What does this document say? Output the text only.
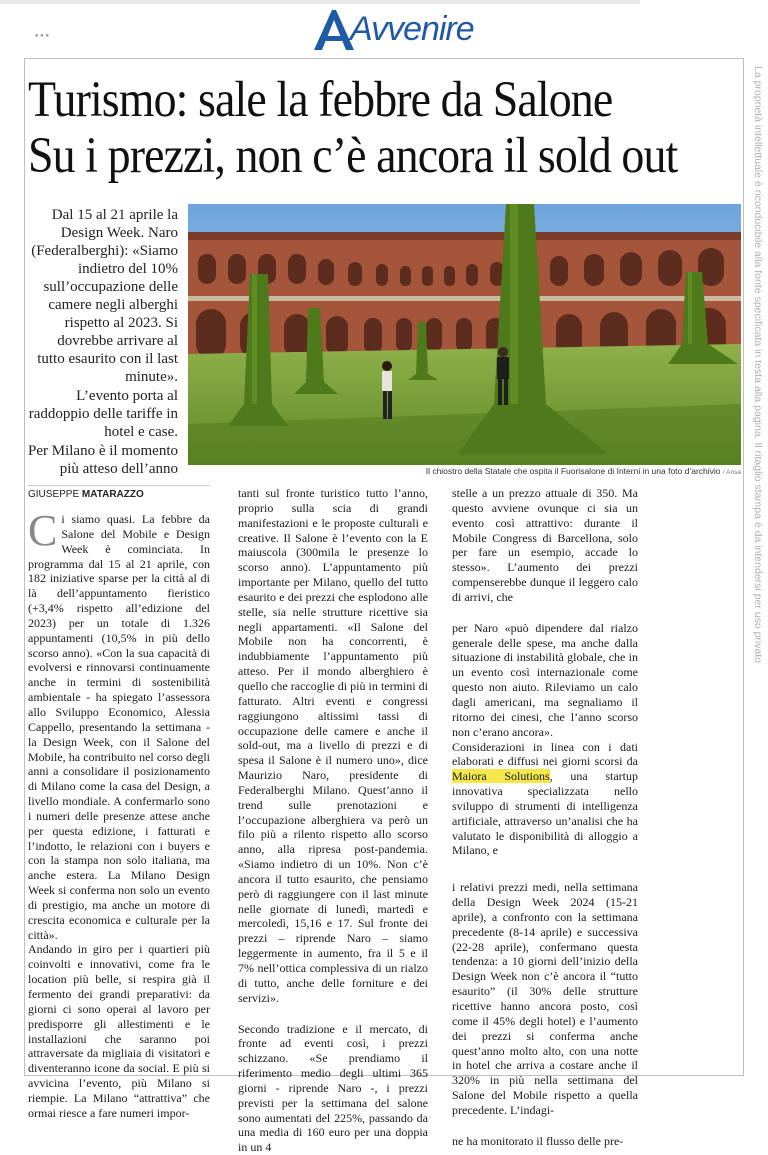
•••	Avvenire
La proprietà intellettuale è riconducibile alla fonte specificata in testa alla pagina. Il ritaglio stampa è da intendersi per uso privato
Turismo: sale la febbre da Salone
Su i prezzi, non c’è ancora il sold out

Dal 15 al 21 aprile la Design Week. Naro (Federalberghi): «Siamo indietro del 10% sull’occupazione delle camere negli alberghi rispetto al 2023. Si dovrebbe arrivare al tutto esaurito con il last minute».

L’evento porta al raddoppio delle tariffe in hotel e case.

Per Milano è il momento più atteso dell’anno	Il chiostro della Statale che ospita il Fuorisalone di Interni in una foto d’archivio / Ansa
GIUSEPPE MATARAZZO

Ci siamo quasi. La febbre da Salone del Mobile e Design Week è cominciata. In programma dal 15 al 21 aprile, con 182 iniziative sparse per la città al di là dell’appuntamento fieristico (+3,4% rispetto all’edizione del 2023) per un totale di 1.326 appuntamenti (10,5% in più dello scorso anno). «Con la sua capacità di evolversi e rinnovarsi continuamente anche in termini di sostenibilità ambientale - ha spiegato l’assessora allo Sviluppo Economico, Alessia Cappello, presentando la settimana - la Design Week, con il Salone del Mobile, ha contribuito nel corso degli anni a consolidare il posizionamento di Milano come la casa del Design, a livello mondiale. A confermarlo sono i numeri delle presenze attese anche per questa edizione, i fatturati e l’indotto, le relazioni con i buyers e con la stampa non solo italiana, ma anche estera. La Milano Design Week si conferma non solo un evento di prestigio, ma anche un motore di crescita economica e culturale per la città».

Andando in giro per i quartieri più coinvolti e innovativi, come fra le location più belle, si respira già il fermento dei grandi preparativi: da giorni ci sono operai al lavoro per predisporre gli allestimenti e le installazioni che saranno poi attraversate da migliaia di visitatori e diventeranno icone da social. E più si avvicina l’evento, più Milano si riempie. La Milano “attrattiva” che ormai riesce a fare numeri impor-

tanti sul fronte turistico tutto l’anno, proprio sulla scia di grandi manifestazioni e le proposte culturali e creative. Il Salone è l’evento con la E maiuscola (300mila le presenze lo scorso anno). L’appuntamento più importante per Milano, quello del tutto esaurito e dei prezzi che esplodono alle stelle, sia nelle strutture ricettive sia negli appartamenti. «Il Salone del Mobile non ha concorrenti, è indubbiamente l’appuntamento più atteso. Per il mondo alberghiero è quello che raccoglie di più in termini di fatturato. Altri eventi e congressi raggiungono altissimi tassi di occupazione delle camere e anche il sold-out, ma a livello di prezzi e di spesa il Salone è il numero uno», dice Maurizio Naro, presidente di Federalberghi Milano. Quest’anno il trend sulle prenotazioni e l’occupazione alberghiera va però un filo più a rilento rispetto allo scorso anno, alla ripresa post-pandemia. «Siamo indietro di un 10%. Non c’è ancora il tutto esaurito, che pensiamo però di raggiungere con il last minute nelle giornate di lunedì, martedì e mercoledì, 15,16 e 17. Sul fronte dei prezzi – riprende Naro – siamo leggermente in aumento, fra il 5 e il 7% nell’ottica complessiva di un rialzo di tutto, anche delle forniture e dei servizi».

Secondo tradizione e il mercato, di fronte ad eventi così, i prezzi schizzano. «Se prendiamo il riferimento medio degli ultimi 365 giorni - riprende Naro -, i prezzi previsti per la settimana del salone sono aumentati del 225%, passando da una media di 160 euro per una doppia in un 4

stelle a un prezzo attuale di 350. Ma questo avviene ovunque ci sia un evento così attrattivo: durante il Mobile Congress di Barcellona, solo per fare un esempio, accade lo stesso». L’aumento dei prezzi compenserebbe dunque il leggero calo di arrivi, che

per Naro «può dipendere dal rialzo generale delle spese, ma anche dalla situazione di instabilità globale, che in un evento così internazionale come questo non aiuto. Rileviamo un calo dagli americani, ma segnaliamo il ritorno dei cinesi, che l’anno scorso non c’erano ancora».

Considerazioni in linea con i dati elaborati e diffusi nei giorni scorsi da Maiora Solutions, una startup innovativa specializzata nello sviluppo di strumenti di intelligenza artificiale, attraverso un’analisi che ha valutato le disponibilità di alloggio a Milano, e

i relativi prezzi medi, nella settimana della Design Week 2024 (15-21 aprile), a confronto con la settimana precedente (8-14 aprile) e successiva (22-28 aprile), confermano questa tendenza: a 10 giorni dell’inizio della Design Week non c’è ancora il “tutto esaurito” (il 30% delle strutture ricettive hanno ancora posto, così come il 45% degli hotel) e l’aumento dei prezzi si conferma anche quest’anno molto alto, con una notte in hotel che arriva a costare anche il 320% in più nella settimana del Salone del Mobile rispetto a quella precedente. L’indagi-

ne ha monitorato il flusso delle pre-
